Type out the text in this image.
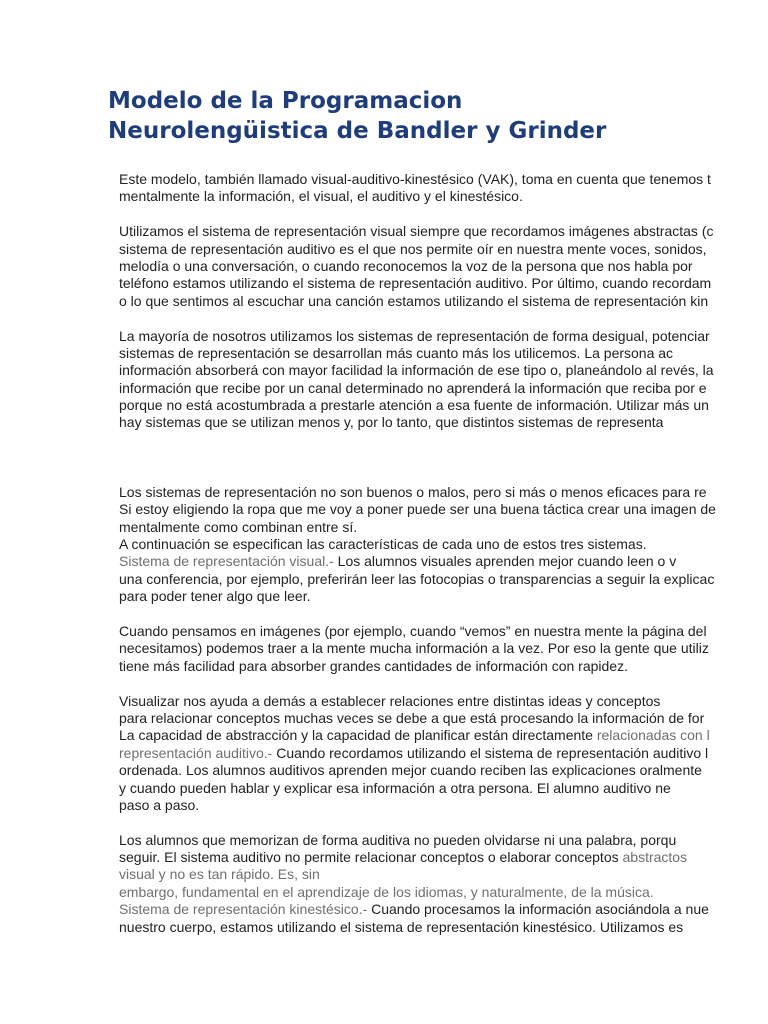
Modelo de la Programacion
Neurolengüistica de Bandler y Grinder
Este modelo, también llamado visual-auditivo-kinestésico (VAK), toma en cuenta que tenemos t
mentalmente la información, el visual, el auditivo y el kinestésico.
Utilizamos el sistema de representación visual siempre que recordamos imágenes abstractas (c
sistema de representación auditivo es el que nos permite oír en nuestra mente voces, sonidos,
melodía o una conversación, o cuando reconocemos la voz de la persona que nos habla por
teléfono estamos utilizando el sistema de representación auditivo. Por último, cuando recordam
o lo que sentimos al escuchar una canción estamos utilizando el sistema de representación kin
La mayoría de nosotros utilizamos los sistemas de representación de forma desigual, potenciar
sistemas de representación se desarrollan más cuanto más los utilicemos. La persona ac
información absorberá con mayor facilidad la información de ese tipo o, planeándolo al revés, la
información que recibe por un canal determinado no aprenderá la información que reciba por e
porque no está acostumbrada a prestarle atención a esa fuente de información. Utilizar más un
hay sistemas que se utilizan menos y, por lo tanto, que distintos sistemas de representa
Los sistemas de representación no son buenos o malos, pero si más o menos eficaces para re
Si estoy eligiendo la ropa que me voy a poner puede ser una buena táctica crear una imagen de
mentalmente como combinan entre sí.
A continuación se especifican las características de cada uno de estos tres sistemas.
Sistema de representación visual.- Los alumnos visuales aprenden mejor cuando leen o v
una conferencia, por ejemplo, preferirán leer las fotocopias o transparencias a seguir la explicac
para poder tener algo que leer.
Cuando pensamos en imágenes (por ejemplo, cuando “vemos” en nuestra mente la página del
necesitamos) podemos traer a la mente mucha información a la vez. Por eso la gente que utiliz
tiene más facilidad para absorber grandes cantidades de información con rapidez.
Visualizar nos ayuda a demás a establecer relaciones entre distintas ideas y conceptos
para relacionar conceptos muchas veces se debe a que está procesando la información de for
La capacidad de abstracción y la capacidad de planificar están directamente relacionadas con l
representación auditivo.- Cuando recordamos utilizando el sistema de representación auditivo l
ordenada. Los alumnos auditivos aprenden mejor cuando reciben las explicaciones oralmente
y cuando pueden hablar y explicar esa información a otra persona. El alumno auditivo ne
paso a paso.
Los alumnos que memorizan de forma auditiva no pueden olvidarse ni una palabra, porqu
seguir. El sistema auditivo no permite relacionar conceptos o elaborar conceptos abstractos
visual y no es tan rápido. Es, sin
embargo, fundamental en el aprendizaje de los idiomas, y naturalmente, de la música.
Sistema de representación kinestésico.- Cuando procesamos la información asociándola a nue
nuestro cuerpo, estamos utilizando el sistema de representación kinestésico. Utilizamos es
